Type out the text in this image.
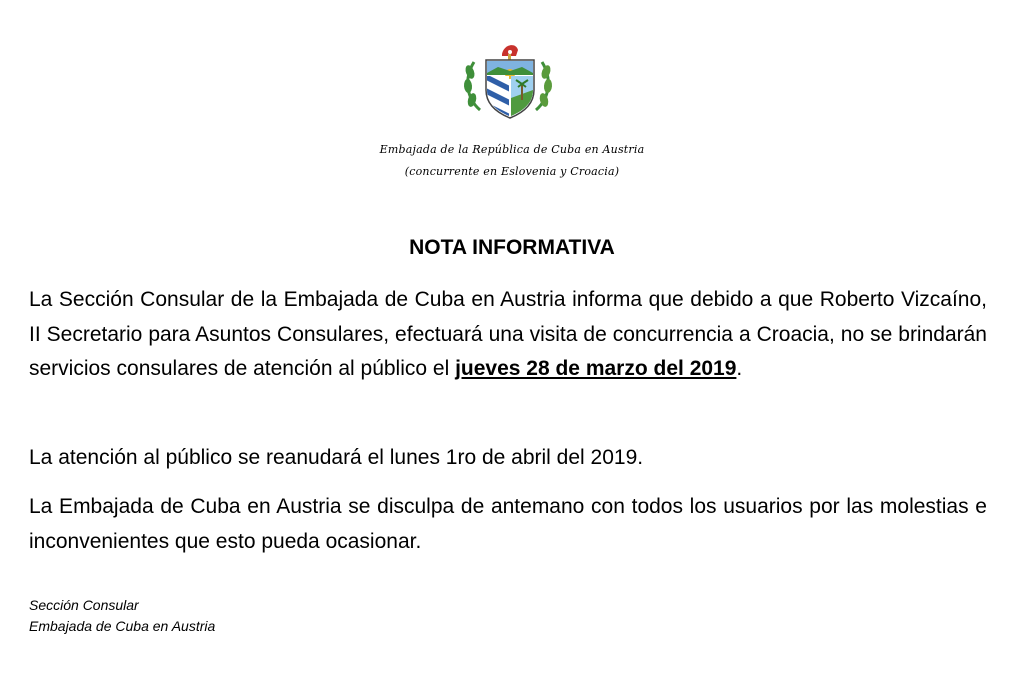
Embajada de la República de Cuba en Austria
(concurrente en Eslovenia y Croacia)
NOTA INFORMATIVA
La Sección Consular de la Embajada de Cuba en Austria informa que debido a que Roberto Vizcaíno, II Secretario para Asuntos Consulares, efectuará una visita de concurrencia a Croacia, no se brindarán servicios consulares de atención al público el jueves 28 de marzo del 2019.
La atención al público se reanudará el lunes 1ro de abril del 2019.
La Embajada de Cuba en Austria se disculpa de antemano con todos los usuarios por las molestias e inconvenientes que esto pueda ocasionar.
Sección Consular
Embajada de Cuba en Austria
